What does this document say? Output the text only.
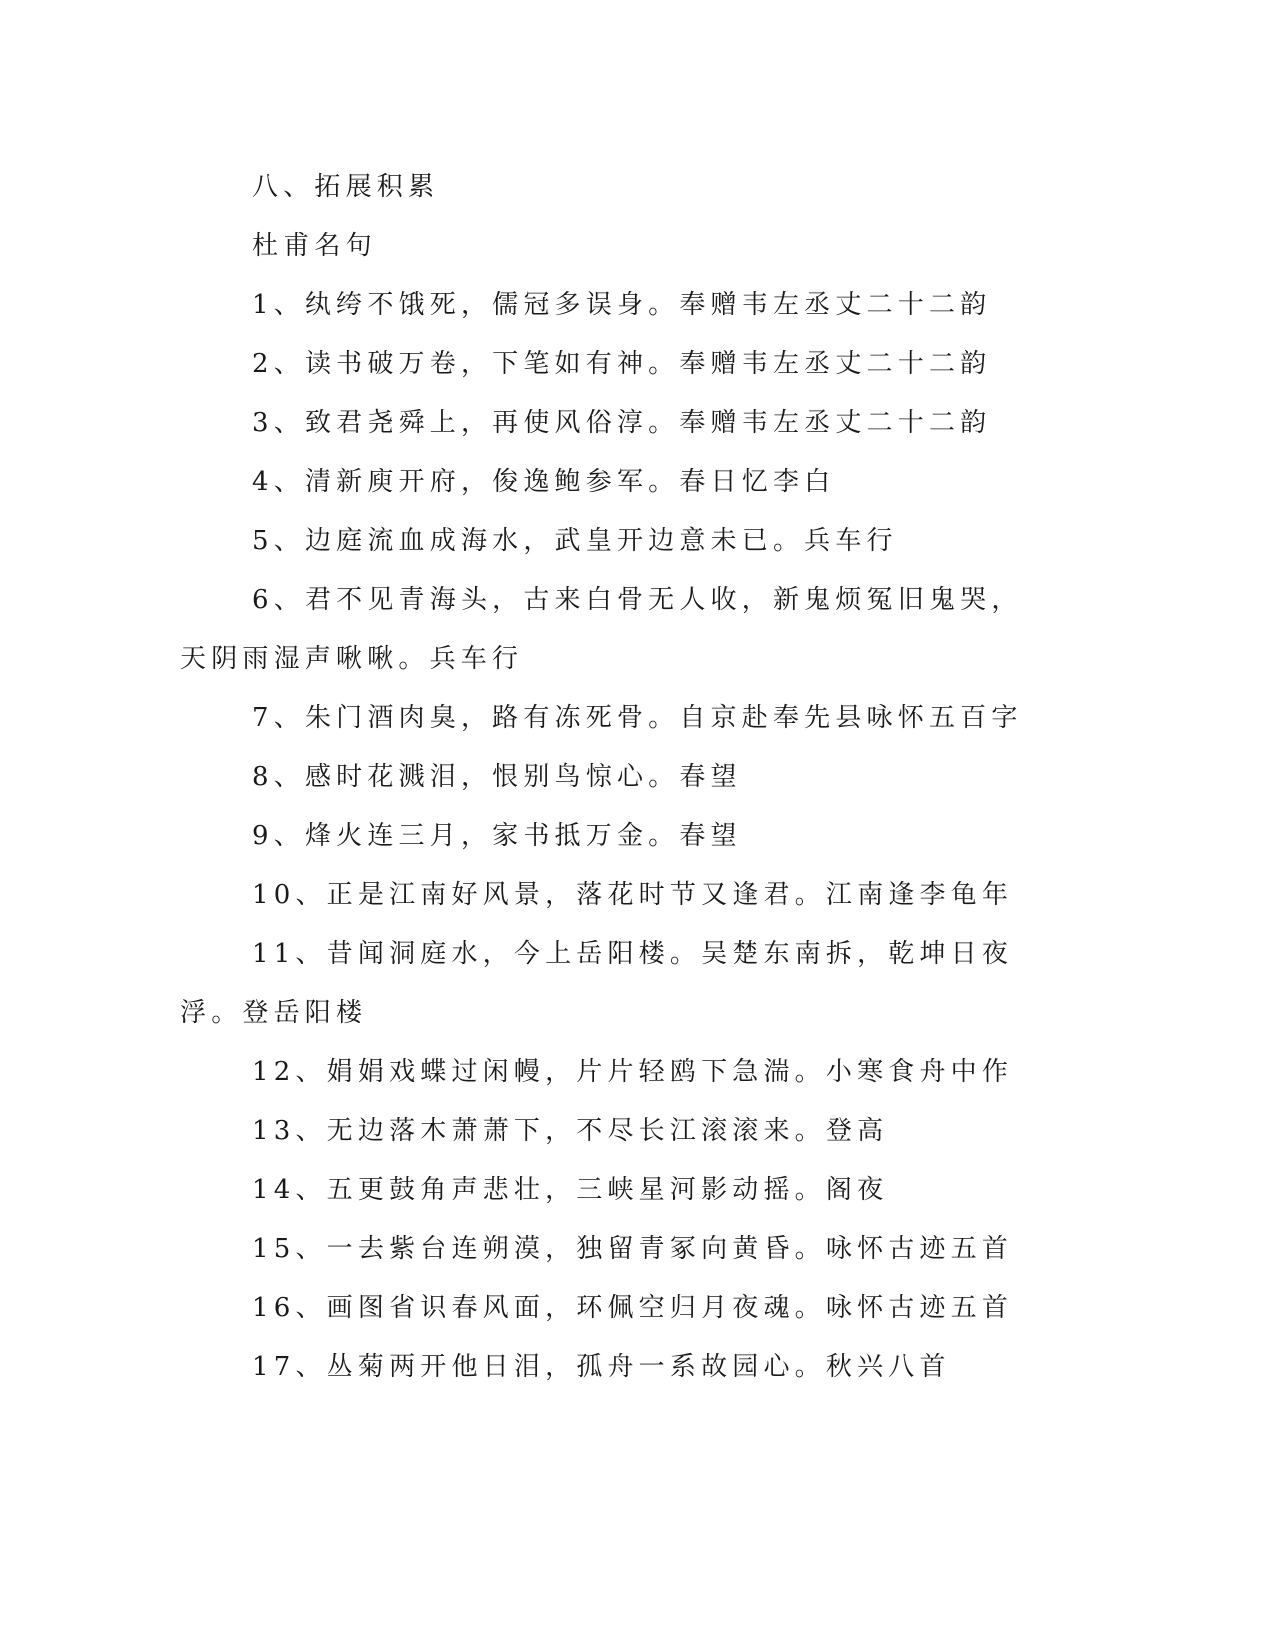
八、拓展积累

杜甫名句

1、纨绔不饿死，儒冠多误身。奉赠韦左丞丈二十二韵

2、读书破万卷，下笔如有神。奉赠韦左丞丈二十二韵

3、致君尧舜上，再使风俗淳。奉赠韦左丞丈二十二韵

4、清新庾开府，俊逸鲍参军。春日忆李白

5、边庭流血成海水，武皇开边意未已。兵车行

6、君不见青海头，古来白骨无人收，新鬼烦冤旧鬼哭，天阴雨湿声啾啾。兵车行

7、朱门酒肉臭，路有冻死骨。自京赴奉先县咏怀五百字

8、感时花溅泪，恨别鸟惊心。春望

9、烽火连三月，家书抵万金。春望

10、正是江南好风景，落花时节又逢君。江南逢李龟年

11、昔闻洞庭水，今上岳阳楼。吴楚东南拆，乾坤日夜浮。登岳阳楼

12、娟娟戏蝶过闲幔，片片轻鸥下急湍。小寒食舟中作

13、无边落木萧萧下，不尽长江滚滚来。登高

14、五更鼓角声悲壮，三峡星河影动摇。阁夜

15、一去紫台连朔漠，独留青冢向黄昏。咏怀古迹五首

16、画图省识春风面，环佩空归月夜魂。咏怀古迹五首

17、丛菊两开他日泪，孤舟一系故园心。秋兴八首
